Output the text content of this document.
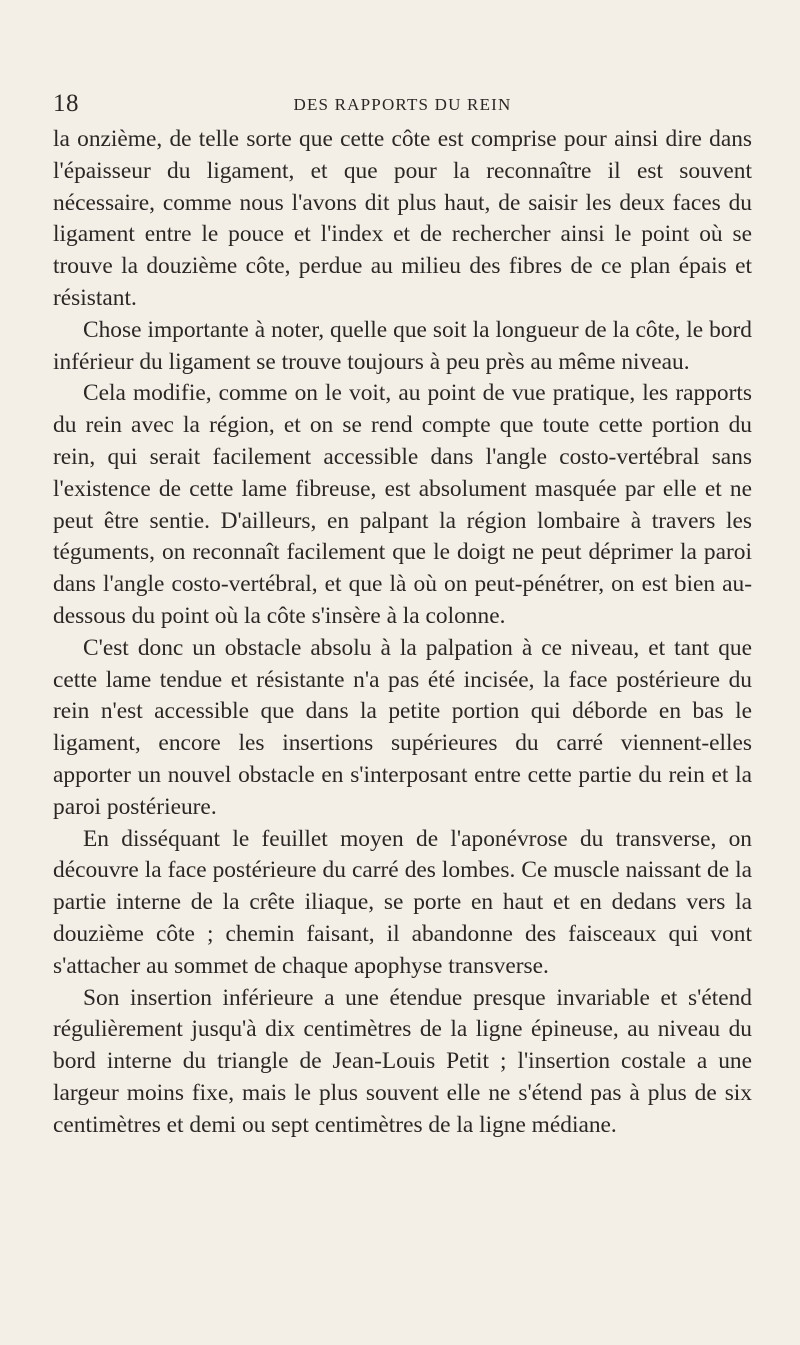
18	DES RAPPORTS DU REIN

la onzième, de telle sorte que cette côte est comprise pour ainsi dire dans l'épaisseur du ligament, et que pour la reconnaître il est souvent nécessaire, comme nous l'avons dit plus haut, de saisir les deux faces du ligament entre le pouce et l'index et de rechercher ainsi le point où se trouve la douzième côte, perdue au milieu des fibres de ce plan épais et résistant.

Chose importante à noter, quelle que soit la longueur de la côte, le bord inférieur du ligament se trouve toujours à peu près au même niveau.

Cela modifie, comme on le voit, au point de vue pratique, les rapports du rein avec la région, et on se rend compte que toute cette portion du rein, qui serait facilement accessible dans l'angle costo-vertébral sans l'existence de cette lame fibreuse, est absolument masquée par elle et ne peut être sentie. D'ailleurs, en palpant la région lombaire à travers les téguments, on reconnaît facilement que le doigt ne peut déprimer la paroi dans l'angle costo-vertébral, et que là où on peut-pénétrer, on est bien au-dessous du point où la côte s'insère à la colonne.

C'est donc un obstacle absolu à la palpation à ce niveau, et tant que cette lame tendue et résistante n'a pas été incisée, la face postérieure du rein n'est accessible que dans la petite portion qui déborde en bas le ligament, encore les insertions supérieures du carré viennent-elles apporter un nouvel obstacle en s'interposant entre cette partie du rein et la paroi postérieure.

En disséquant le feuillet moyen de l'aponévrose du transverse, on découvre la face postérieure du carré des lombes. Ce muscle naissant de la partie interne de la crête iliaque, se porte en haut et en dedans vers la douzième côte ; chemin faisant, il abandonne des faisceaux qui vont s'attacher au sommet de chaque apophyse transverse.

Son insertion inférieure a une étendue presque invariable et s'étend régulièrement jusqu'à dix centimètres de la ligne épineuse, au niveau du bord interne du triangle de Jean-Louis Petit ; l'insertion costale a une largeur moins fixe, mais le plus souvent elle ne s'étend pas à plus de six centimètres et demi ou sept centimètres de la ligne médiane.
